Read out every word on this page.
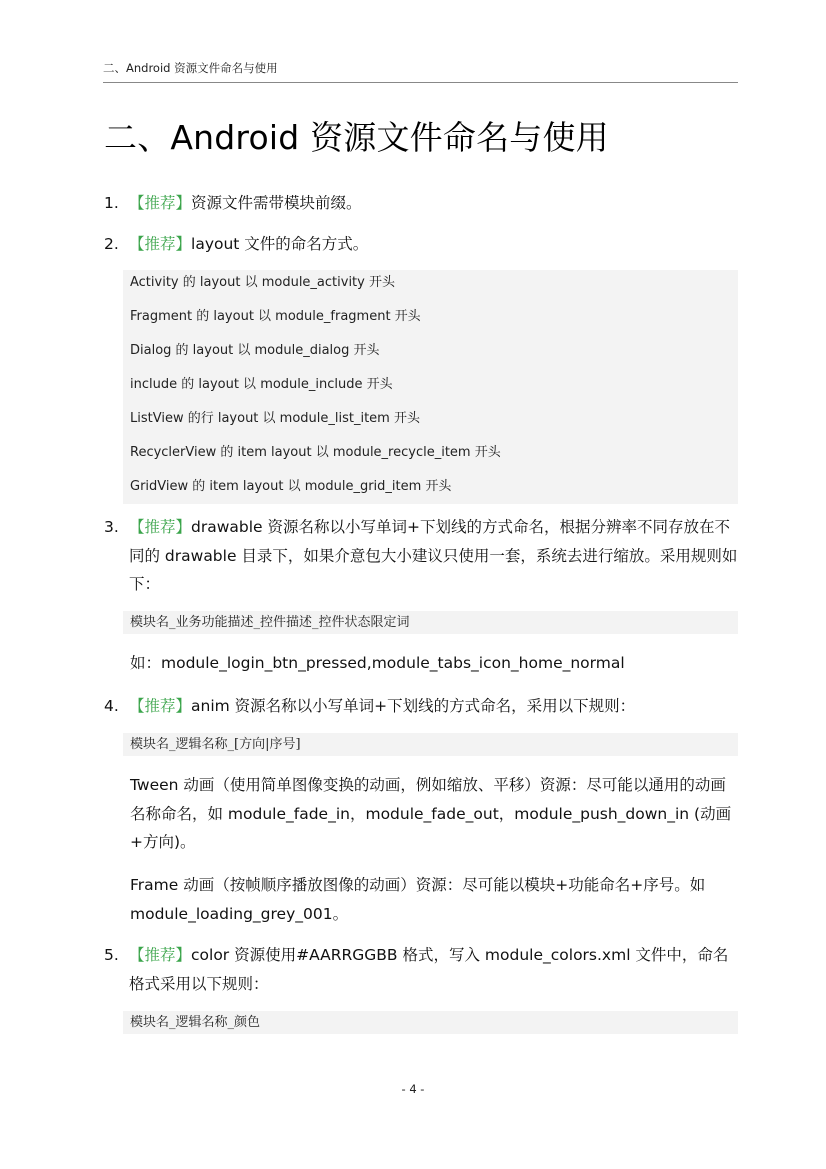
二、Android 资源文件命名与使用
二、Android 资源文件命名与使用
1. 【推荐】资源文件需带模块前缀。
2. 【推荐】layout 文件的命名方式。
Activity 的 layout 以 module_activity 开头
Fragment 的 layout 以 module_fragment 开头
Dialog 的 layout 以 module_dialog 开头
include 的 layout 以 module_include 开头
ListView 的行 layout 以 module_list_item 开头
RecyclerView 的 item layout 以 module_recycle_item 开头
GridView 的 item layout 以 module_grid_item 开头
3. 【推荐】drawable 资源名称以小写单词+下划线的方式命名，根据分辨率不同存放在不同的 drawable 目录下，如果介意包大小建议只使用一套，系统去进行缩放。采用规则如下：
模块名_业务功能描述_控件描述_控件状态限定词
如：module_login_btn_pressed,module_tabs_icon_home_normal
4. 【推荐】anim 资源名称以小写单词+下划线的方式命名，采用以下规则：
模块名_逻辑名称_[方向|序号]
Tween 动画（使用简单图像变换的动画，例如缩放、平移）资源：尽可能以通用的动画名称命名，如 module_fade_in，module_fade_out，module_push_down_in (动画+方向)。
Frame 动画（按帧顺序播放图像的动画）资源：尽可能以模块+功能命名+序号。如 module_loading_grey_001。
5. 【推荐】color 资源使用#AARRGGBB 格式，写入 module_colors.xml 文件中，命名格式采用以下规则：
模块名_逻辑名称_颜色
- 4 -
